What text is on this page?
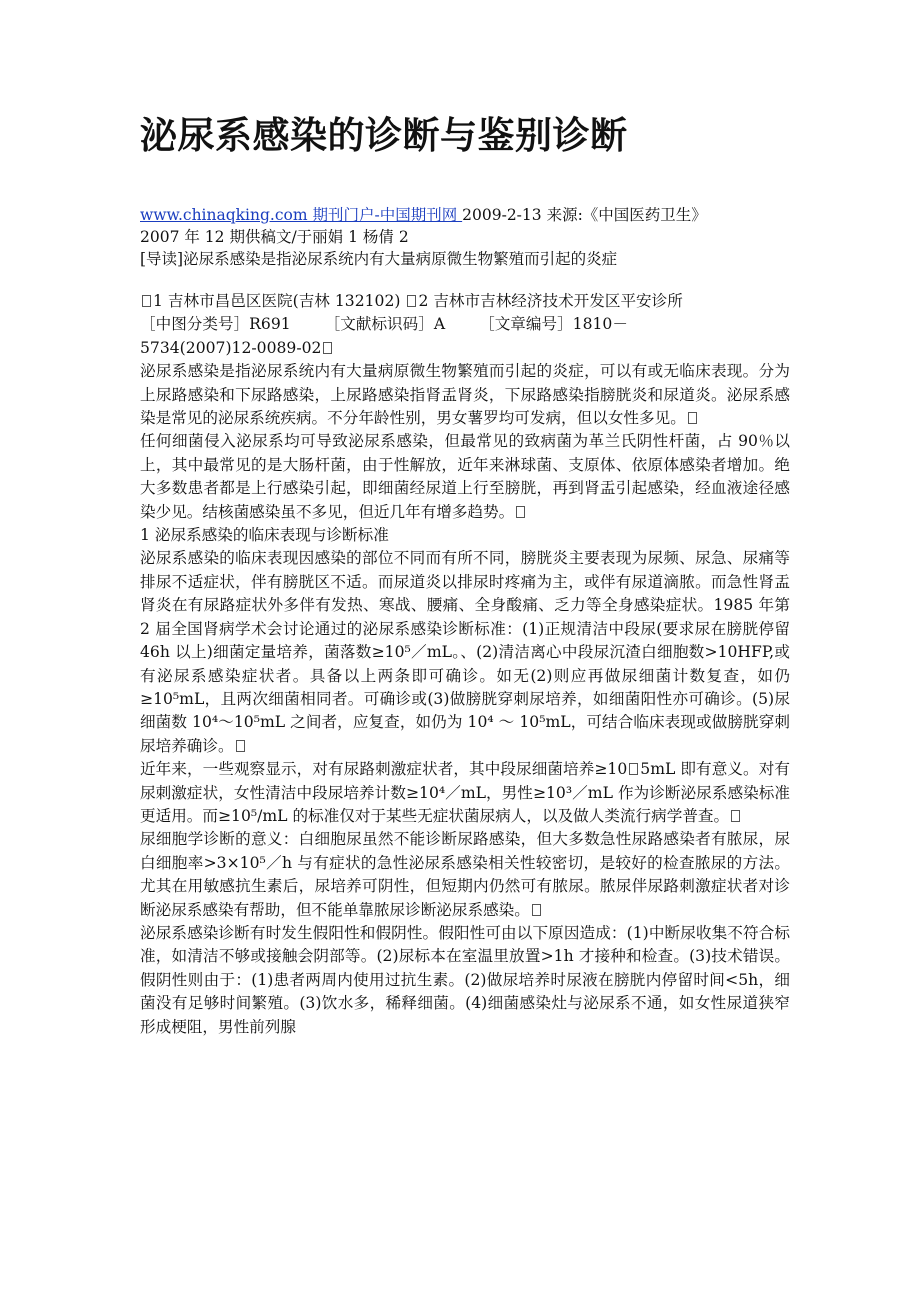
泌尿系感染的诊断与鉴别诊断
www.chinaqking.com 期刊门户-中国期刊网 2009-2-13 来源:《中国医药卫生》
2007 年 12 期供稿文/于丽娟 1 杨倩 2
[导读]泌尿系感染是指泌尿系统内有大量病原微生物繁殖而引起的炎症

1 吉林市昌邑区医院(吉林 132102) 2 吉林市吉林经济技术开发区平安诊所

［中图分类号］R691 ［文献标识码］A ［文章编号］1810－

5734(2007)12-0089-02

泌尿系感染是指泌尿系统内有大量病原微生物繁殖而引起的炎症，可以有或无临床表现。分为上尿路感染和下尿路感染，上尿路感染指肾盂肾炎，下尿路感染指膀胱炎和尿道炎。泌尿系感染是常见的泌尿系统疾病。不分年龄性别，男女薯罗均可发病，但以女性多见。

任何细菌侵入泌尿系均可导致泌尿系感染，但最常见的致病菌为革兰氏阴性杆菌，占 90％以上，其中最常见的是大肠杆菌，由于性解放，近年来淋球菌、支原体、依原体感染者增加。绝大多数患者都是上行感染引起，即细菌经尿道上行至膀胱，再到肾盂引起感染，经血液途径感染少见。结核菌感染虽不多见，但近几年有增多趋势。

1 泌尿系感染的临床表现与诊断标准

泌尿系感染的临床表现因感染的部位不同而有所不同，膀胱炎主要表现为尿频、尿急、尿痛等排尿不适症状，伴有膀胱区不适。而尿道炎以排尿时疼痛为主，或伴有尿道滴脓。而急性肾盂肾炎在有尿路症状外多伴有发热、寒战、腰痛、全身酸痛、乏力等全身感染症状。1985 年第 2 届全国肾病学术会讨论通过的泌尿系感染诊断标准：(1)正规清洁中段尿(要求尿在膀胱停留 46h 以上)细菌定量培养，菌落数≥10⁵／mL。、(2)清洁离心中段尿沉渣白细胞数>10HFP,或有泌尿系感染症状者。具备以上两条即可确诊。如无(2)则应再做尿细菌计数复查，如仍≥10⁵mL，且两次细菌相同者。可确诊或(3)做膀胱穿刺尿培养，如细菌阳性亦可确诊。(5)尿细菌数 10⁴～10⁵mL 之间者，应复查，如仍为 10⁴ ～ 10⁵mL，可结合临床表现或做膀胱穿刺尿培养确诊。

近年来，一些观察显示，对有尿路刺激症状者，其中段尿细菌培养≥10 5mL 即有意义。对有尿刺激症状，女性清洁中段尿培养计数≥10⁴／mL，男性≥10³／mL 作为诊断泌尿系感染标准更适用。而≥10⁵/mL 的标准仅对于某些无症状菌尿病人，以及做人类流行病学普查。

尿细胞学诊断的意义：白细胞尿虽然不能诊断尿路感染，但大多数急性尿路感染者有脓尿，尿白细胞率>3×10⁵／h 与有症状的急性泌尿系感染相关性较密切，是较好的检查脓尿的方法。尤其在用敏感抗生素后，尿培养可阴性，但短期内仍然可有脓尿。脓尿伴尿路刺激症状者对诊断泌尿系感染有帮助，但不能单靠脓尿诊断泌尿系感染。

泌尿系感染诊断有时发生假阳性和假阴性。假阳性可由以下原因造成：(1)中断尿收集不符合标准，如清洁不够或接触会阴部等。(2)尿标本在室温里放置>1h 才接种和检查。(3)技术错误。假阴性则由于：(1)患者两周内使用过抗生素。(2)做尿培养时尿液在膀胱内停留时间<5h，细菌没有足够时间繁殖。(3)饮水多，稀释细菌。(4)细菌感染灶与泌尿系不通，如女性尿道狭窄形成梗阻，男性前列腺
